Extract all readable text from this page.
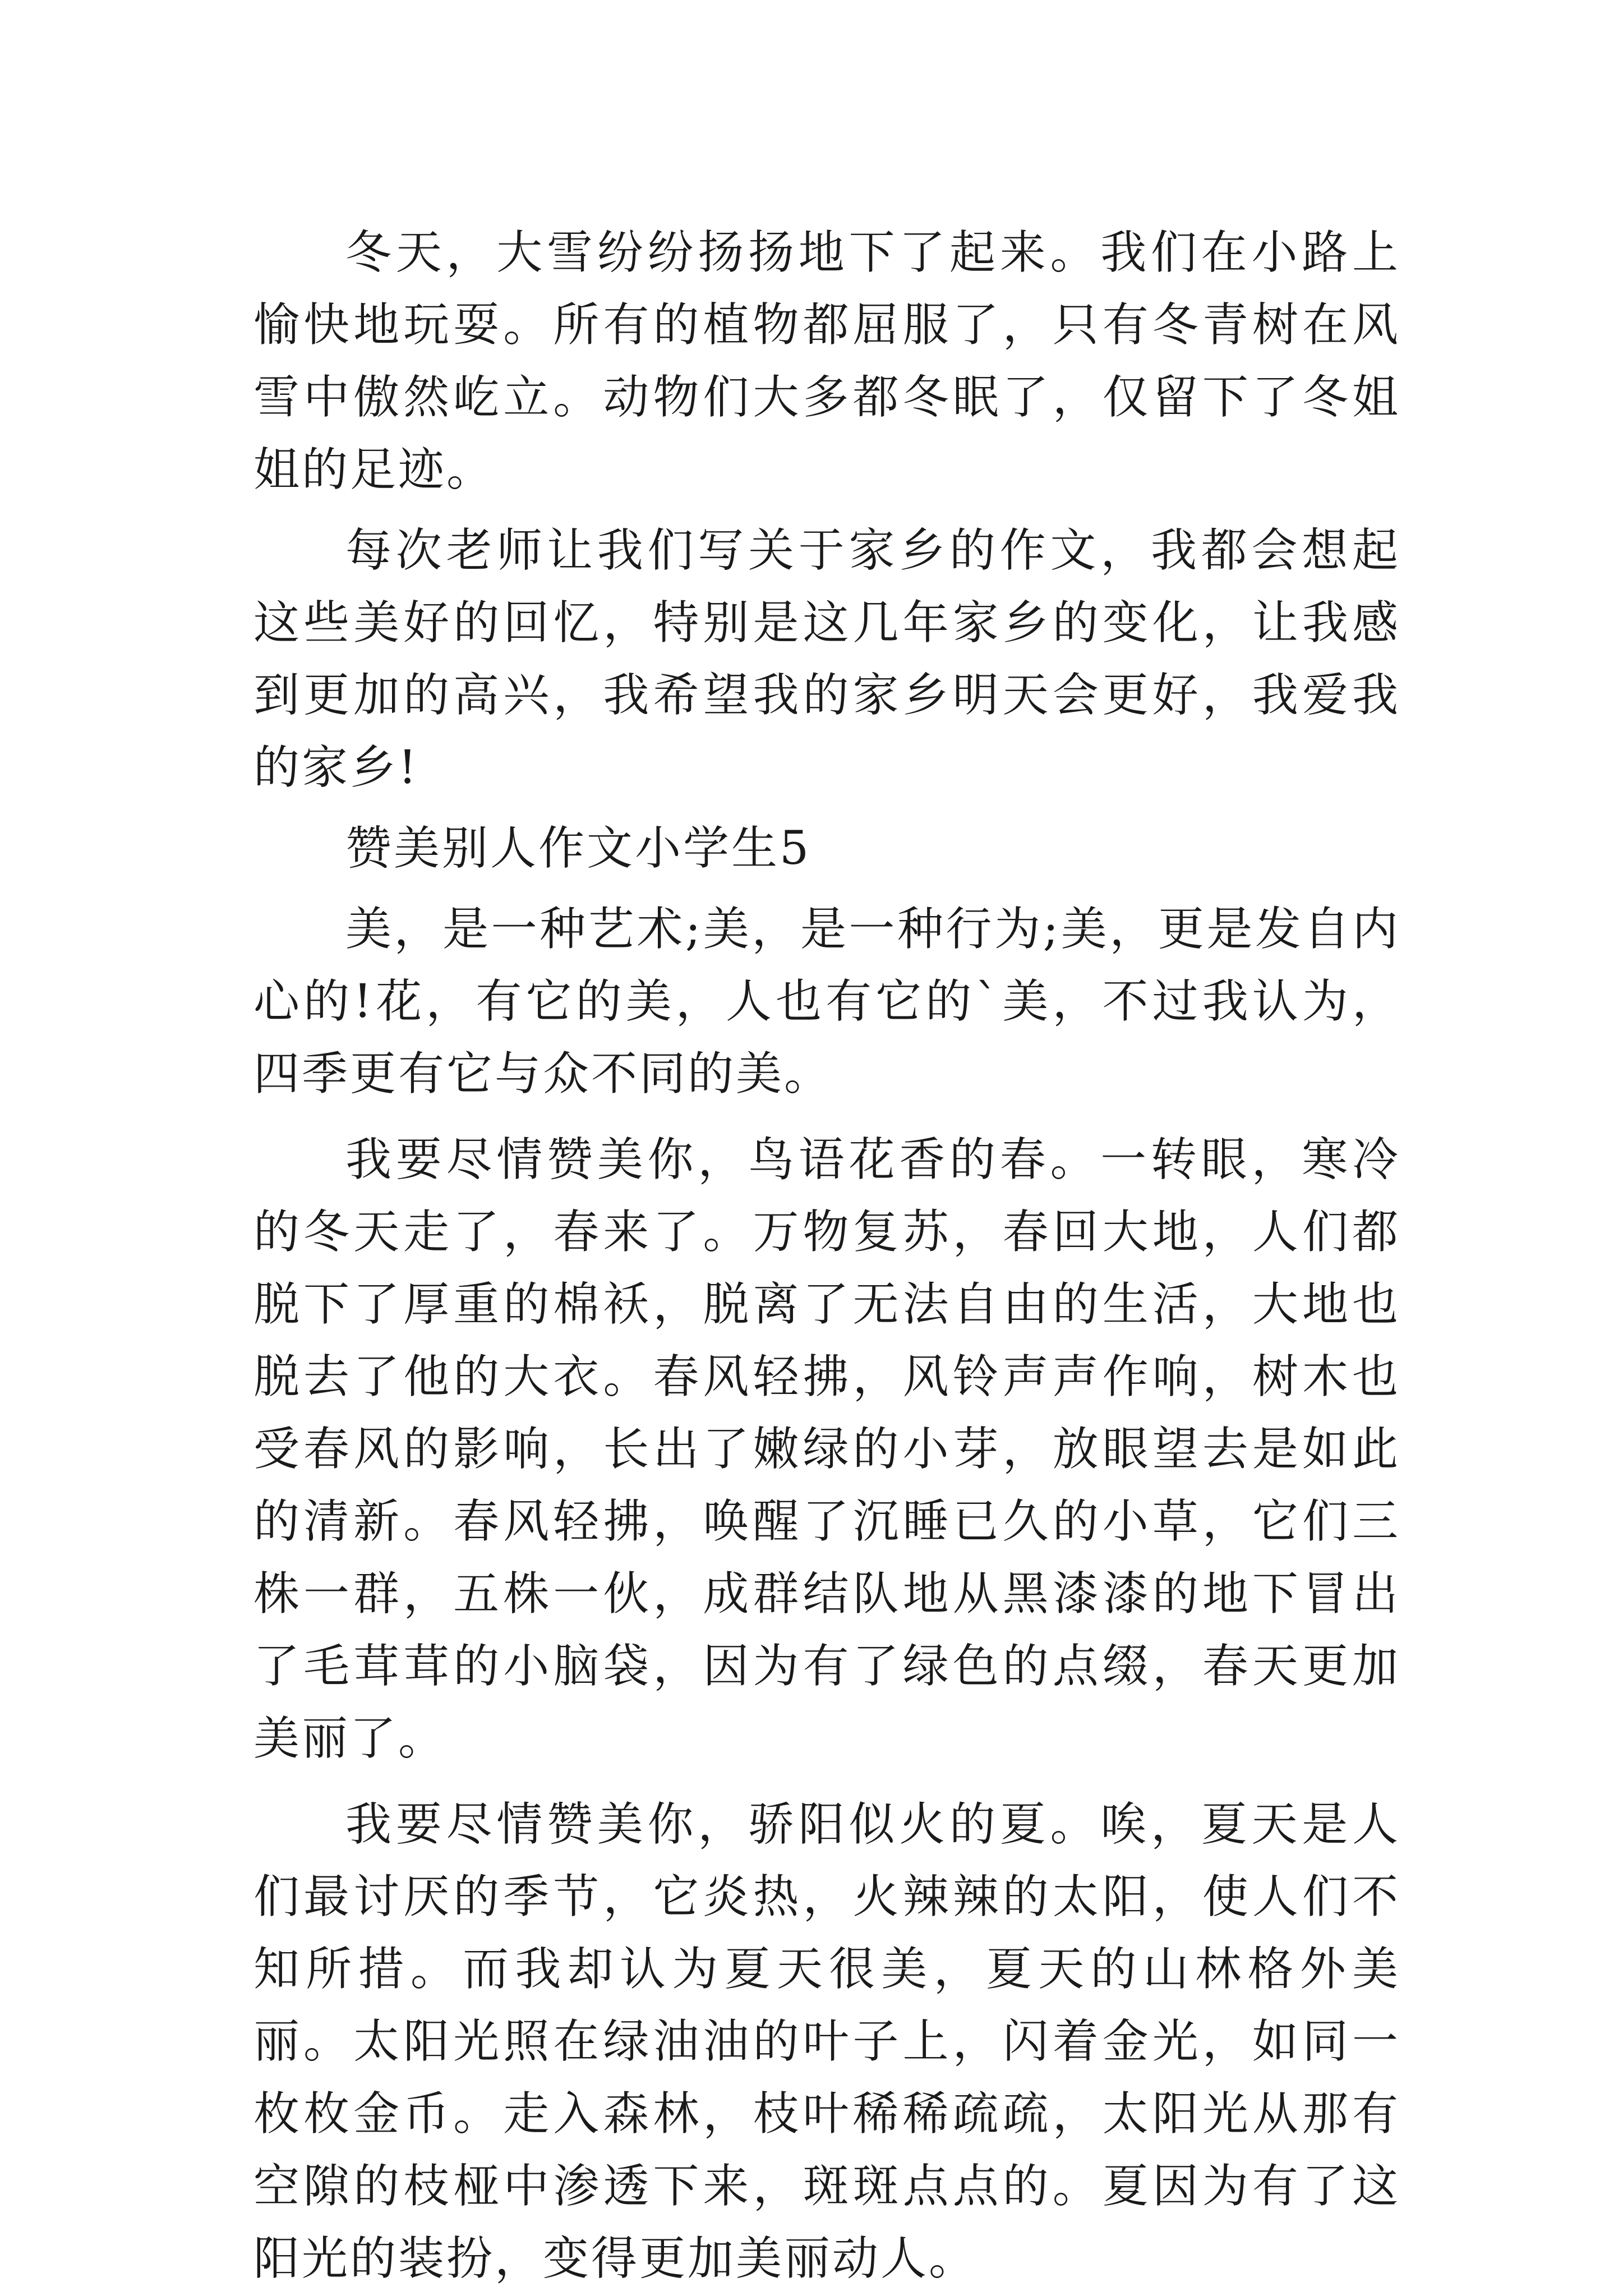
冬天，大雪纷纷扬扬地下了起来。我们在小路上愉快地玩耍。所有的植物都屈服了，只有冬青树在风雪中傲然屹立。动物们大多都冬眠了，仅留下了冬姐姐的足迹。

每次老师让我们写关于家乡的作文，我都会想起这些美好的回忆，特别是这几年家乡的变化，让我感到更加的高兴，我希望我的家乡明天会更好，我爱我的家乡!

赞美别人作文小学生5

美，是一种艺术;美，是一种行为;美，更是发自内心的!花，有它的美，人也有它的`美，不过我认为，四季更有它与众不同的美。

我要尽情赞美你，鸟语花香的春。一转眼，寒冷的冬天走了，春来了。万物复苏，春回大地，人们都脱下了厚重的棉袄，脱离了无法自由的生活，大地也脱去了他的大衣。春风轻拂，风铃声声作响，树木也受春风的影响，长出了嫩绿的小芽，放眼望去是如此的清新。春风轻拂，唤醒了沉睡已久的小草，它们三株一群，五株一伙，成群结队地从黑漆漆的地下冒出了毛茸茸的小脑袋，因为有了绿色的点缀，春天更加美丽了。

我要尽情赞美你，骄阳似火的夏。唉，夏天是人们最讨厌的季节，它炎热，火辣辣的太阳，使人们不知所措。而我却认为夏天很美，夏天的山林格外美丽。太阳光照在绿油油的叶子上，闪着金光，如同一枚枚金币。走入森林，枝叶稀稀疏疏，太阳光从那有空隙的枝桠中渗透下来，斑斑点点的。夏因为有了这阳光的装扮，变得更加美丽动人。
